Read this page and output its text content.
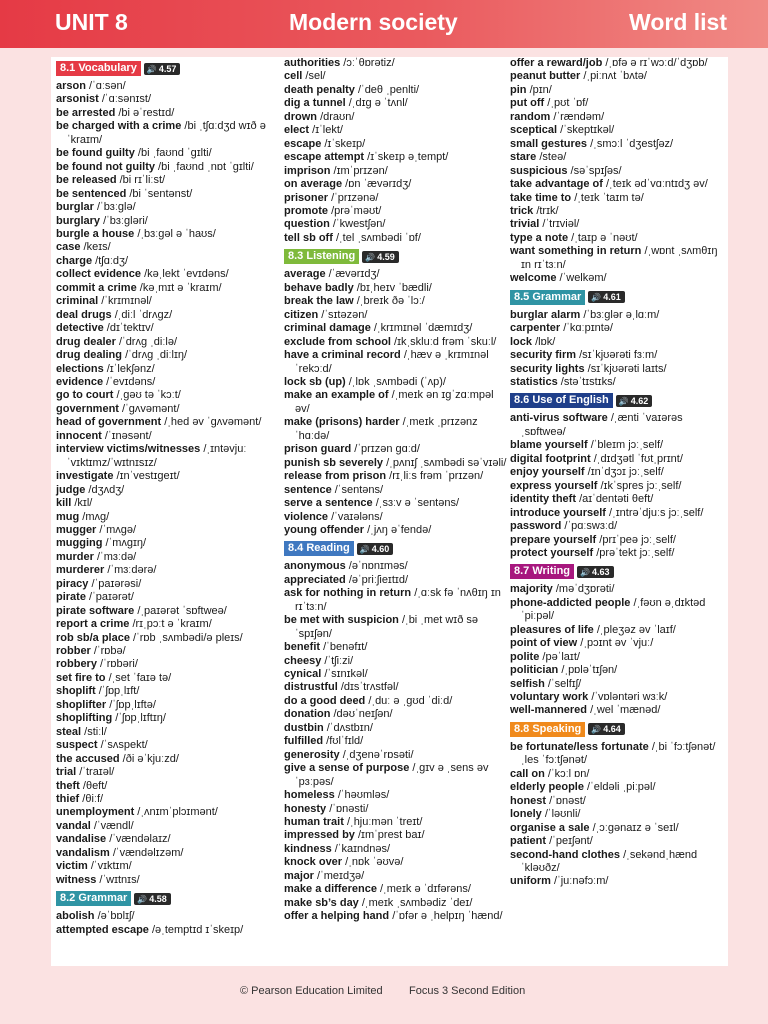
UNIT 8	Modern society	Word list
8.1 Vocabulary	🔊 4.57
arson /ˈɑːsən/
arsonist /ˈɑːsənɪst/
be arrested /bi əˈrestɪd/
be charged with a crime /bi ˌtʃɑːdʒd wɪð ə ˈkraɪm/
be found guilty /bi ˌfaʊnd ˈgɪlti/
be found not guilty /bi ˌfaʊnd ˌnɒt ˈgɪlti/
be released /bi rɪˈliːst/
be sentenced /bi ˈsentənst/
burglar /ˈbɜːglə/
burglary /ˈbɜːgləri/
burgle a house /ˌbɜːgəl ə ˈhaʊs/
case /keɪs/
charge /tʃɑːdʒ/
collect evidence /kəˌlekt ˈevɪdəns/
commit a crime /kəˌmɪt ə ˈkraɪm/
criminal /ˈkrɪmɪnəl/
deal drugs /ˌdiːl ˈdrʌgz/
detective /dɪˈtektɪv/
drug dealer /ˈdrʌg ˌdiːlə/
drug dealing /ˈdrʌg ˌdiːlɪŋ/
elections /ɪˈlekʃənz/
evidence /ˈevɪdəns/
go to court /ˌgəʊ tə ˈkɔːt/
government /ˈgʌvəmənt/
head of government /ˌhed əv ˈgʌvəmənt/
innocent /ˈɪnəsənt/
interview victims/witnesses /ˌɪntəvjuː ˈvɪktɪmz/ˈwɪtnɪsɪz/
investigate /ɪnˈvestɪgeɪt/
judge /dʒʌdʒ/
kill /kɪl/
mug /mʌg/
mugger /ˈmʌgə/
mugging /ˈmʌgɪŋ/
murder /ˈmɜːdə/
murderer /ˈmɜːdərə/
piracy /ˈpaɪərəsi/
pirate /ˈpaɪərət/
pirate software /ˌpaɪərət ˈsɒftweə/
report a crime /rɪˌpɔːt ə ˈkraɪm/
rob sb/a place /ˈrɒb ˌsʌmbədi/ə pleɪs/
robber /ˈrɒbə/
robbery /ˈrɒbəri/
set fire to /ˌset ˈfaɪə tə/
shoplift /ˈʃɒpˌlɪft/
shoplifter /ˈʃɒpˌlɪftə/
shoplifting /ˈʃɒpˌlɪftɪŋ/
steal /stiːl/
suspect /ˈsʌspekt/
the accused /ði əˈkjuːzd/
trial /ˈtraɪəl/
theft /θeft/
thief /θiːf/
unemployment /ˌʌnɪmˈplɔɪmənt/
vandal /ˈvændl/
vandalise /ˈvændəlaɪz/
vandalism /ˈvændəlɪzəm/
victim /ˈvɪktɪm/
witness /ˈwɪtnɪs/
8.2 Grammar	🔊 4.58
abolish /əˈbɒlɪʃ/
attempted escape /əˌtemptɪd ɪˈskeɪp/
authorities /ɔːˈθɒrətiz/
cell /sel/
death penalty /ˈdeθ ˌpenlti/
dig a tunnel /ˌdɪg ə ˈtʌnl/
drown /draʊn/
elect /ɪˈlekt/
escape /ɪˈskeɪp/
escape attempt /ɪˈskeɪp əˌtempt/
imprison /ɪmˈprɪzən/
on average /ɒn ˈævərɪdʒ/
prisoner /ˈprɪzənə/
promote /prəˈməʊt/
question /ˈkwestʃən/
tell sb off /ˌtel ˌsʌmbədi ˈɒf/
8.3 Listening	🔊 4.59
average /ˈævərɪdʒ/
behave badly /bɪˌheɪv ˈbædli/
break the law /ˌbreɪk ðə ˈlɔː/
citizen /ˈsɪtəzən/
criminal damage /ˌkrɪmɪnəl ˈdæmɪdʒ/
exclude from school /ɪkˌskluːd frəm ˈskuːl/
have a criminal record /ˌhæv ə ˌkrɪmɪnəl ˈrekɔːd/
lock sb (up) /ˌlɒk ˌsʌmbədi (ˈʌp)/
make an example of /ˌmeɪk ən ɪgˈzɑːmpəl əv/
make (prisons) harder /ˌmeɪk ˌprɪzənz ˈhɑːdə/
prison guard /ˈprɪzən gɑːd/
punish sb severely /ˌpʌnɪʃ ˌsʌmbədi səˈvɪəli/
release from prison /rɪˌliːs frəm ˈprɪzən/
sentence /ˈsentəns/
serve a sentence /ˌsɜːv ə ˈsentəns/
violence /ˈvaɪələns/
young offender /ˌjʌŋ əˈfendə/
8.4 Reading	🔊 4.60
anonymous /əˈnɒnɪməs/
appreciated /əˈpriːʃieɪtɪd/
ask for nothing in return /ˌɑːsk fə ˈnʌθɪŋ ɪn rɪˈtɜːn/
be met with suspicion /ˌbi ˌmet wɪð səˈspɪʃən/
benefit /ˈbenəfɪt/
cheesy /ˈtʃiːzi/
cynical /ˈsɪnɪkəl/
distrustful /dɪsˈtrʌstfəl/
do a good deed /ˌduː ə ˌgʊd ˈdiːd/
donation /dəʊˈneɪʃən/
dustbin /ˈdʌstbɪn/
fulfilled /fʊlˈfɪld/
generosity /ˌdʒenəˈrɒsəti/
give a sense of purpose /ˌgɪv ə ˌsens əv ˈpɜːpəs/
homeless /ˈhəʊmləs/
honesty /ˈɒnəsti/
human trait /ˌhjuːmən ˈtreɪt/
impressed by /ɪmˈprest baɪ/
kindness /ˈkaɪndnəs/
knock over /ˌnɒk ˈəʊvə/
major /ˈmeɪdʒə/
make a difference /ˌmeɪk ə ˈdɪfərəns/
make sb’s day /ˌmeɪk ˌsʌmbədiz ˈdeɪ/
offer a helping hand /ˈɒfər ə ˌhelpɪŋ ˈhænd/
offer a reward/job /ˌɒfə ə rɪˈwɔːd/ˈdʒɒb/
peanut butter /ˌpiːnʌt ˈbʌtə/
pin /pɪn/
put off /ˌpʊt ˈɒf/
random /ˈrændəm/
sceptical /ˈskeptɪkəl/
small gestures /ˌsmɔːl ˈdʒestʃəz/
stare /steə/
suspicious /səˈspɪʃəs/
take advantage of /ˌteɪk ədˈvɑːntɪdʒ əv/
take time to /ˌteɪk ˈtaɪm tə/
trick /trɪk/
trivial /ˈtrɪviəl/
type a note /ˌtaɪp ə ˈnəʊt/
want something in return /ˌwɒnt ˌsʌmθɪŋ ɪn rɪˈtɜːn/
welcome /ˈwelkəm/
8.5 Grammar	🔊 4.61
burglar alarm /ˈbɜːglər əˌlɑːm/
carpenter /ˈkɑːpɪntə/
lock /lɒk/
security firm /sɪˈkjʊərəti fɜːm/
security lights /sɪˈkjʊərəti laɪts/
statistics /stəˈtɪstɪks/
8.6 Use of English	🔊 4.62
anti-virus software /ˌænti ˈvaɪərəs ˌsɒftweə/
blame yourself /ˈbleɪm jɔːˌself/
digital footprint /ˌdɪdʒətl ˈfʊtˌprɪnt/
enjoy yourself /ɪnˈdʒɔɪ jɔːˌself/
express yourself /ɪkˈspres jɔːˌself/
identity theft /aɪˈdentəti θeft/
introduce yourself /ˌɪntrəˈdjuːs jɔːˌself/
password /ˈpɑːswɜːd/
prepare yourself /prɪˈpeə jɔːˌself/
protect yourself /prəˈtekt jɔːˌself/
8.7 Writing	🔊 4.63
majority /məˈdʒɒrəti/
phone-addicted people /ˌfəʊn əˌdɪktəd ˈpiːpəl/
pleasures of life /ˌpleʒəz əv ˈlaɪf/
point of view /ˌpɔɪnt əv ˈvjuː/
polite /pəˈlaɪt/
politician /ˌpɒləˈtɪʃən/
selfish /ˈselfɪʃ/
voluntary work /ˈvɒləntəri wɜːk/
well-mannered /ˌwel ˈmænəd/
8.8 Speaking	🔊 4.64
be fortunate/less fortunate /ˌbi ˈfɔːtʃənət/ˌles ˈfɔːtʃənət/
call on /ˈkɔːl ɒn/
elderly people /ˈeldəli ˌpiːpəl/
honest /ˈɒnəst/
lonely /ˈləʊnli/
organise a sale /ˌɔːgənaɪz ə ˈseɪl/
patient /ˈpeɪʃənt/
second-hand clothes /ˌsekəndˌhænd ˈkləʊðz/
uniform /ˈjuːnəfɔːm/
© Pearson Education Limited Focus 3 Second Edition
